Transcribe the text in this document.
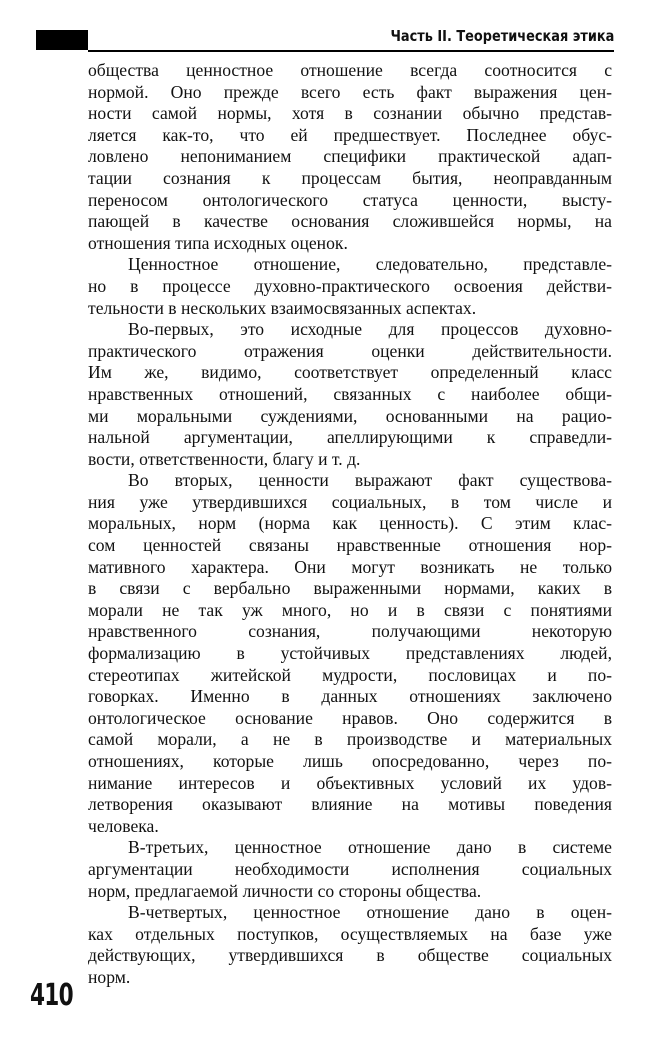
Часть II. Теоретическая этика
общества ценностное отношение всегда соотносится с
нормой. Оно прежде всего есть факт выражения цен-
ности самой нормы, хотя в сознании обычно представ-
ляется как-то, что ей предшествует. Последнее обус-
ловлено непониманием специфики практической адап-
тации сознания к процессам бытия, неоправданным
переносом онтологического статуса ценности, высту-
пающей в качестве основания сложившейся нормы, на
отношения типа исходных оценок.
Ценностное отношение, следовательно, представле-
но в процессе духовно-практического освоения действи-
тельности в нескольких взаимосвязанных аспектах.
Во-первых, это исходные для процессов духовно-
практического отражения оценки действительности.
Им же, видимо, соответствует определенный класс
нравственных отношений, связанных с наиболее общи-
ми моральными суждениями, основанными на рацио-
нальной аргументации, апеллирующими к справедли-
вости, ответственности, благу и т. д.
Во вторых, ценности выражают факт существова-
ния уже утвердившихся социальных, в том числе и
моральных, норм (норма как ценность). С этим клас-
сом ценностей связаны нравственные отношения нор-
мативного характера. Они могут возникать не только
в связи с вербально выраженными нормами, каких в
морали не так уж много, но и в связи с понятиями
нравственного сознания, получающими некоторую
формализацию в устойчивых представлениях людей,
стереотипах житейской мудрости, пословицах и по-
говорках. Именно в данных отношениях заключено
онтологическое основание нравов. Оно содержится в
самой морали, а не в производстве и материальных
отношениях, которые лишь опосредованно, через по-
нимание интересов и объективных условий их удов-
летворения оказывают влияние на мотивы поведения
человека.
В-третьих, ценностное отношение дано в системе
аргументации необходимости исполнения социальных
норм, предлагаемой личности со стороны общества.
В-четвертых, ценностное отношение дано в оцен-
ках отдельных поступков, осуществляемых на базе уже
действующих, утвердившихся в обществе социальных
норм.
410
